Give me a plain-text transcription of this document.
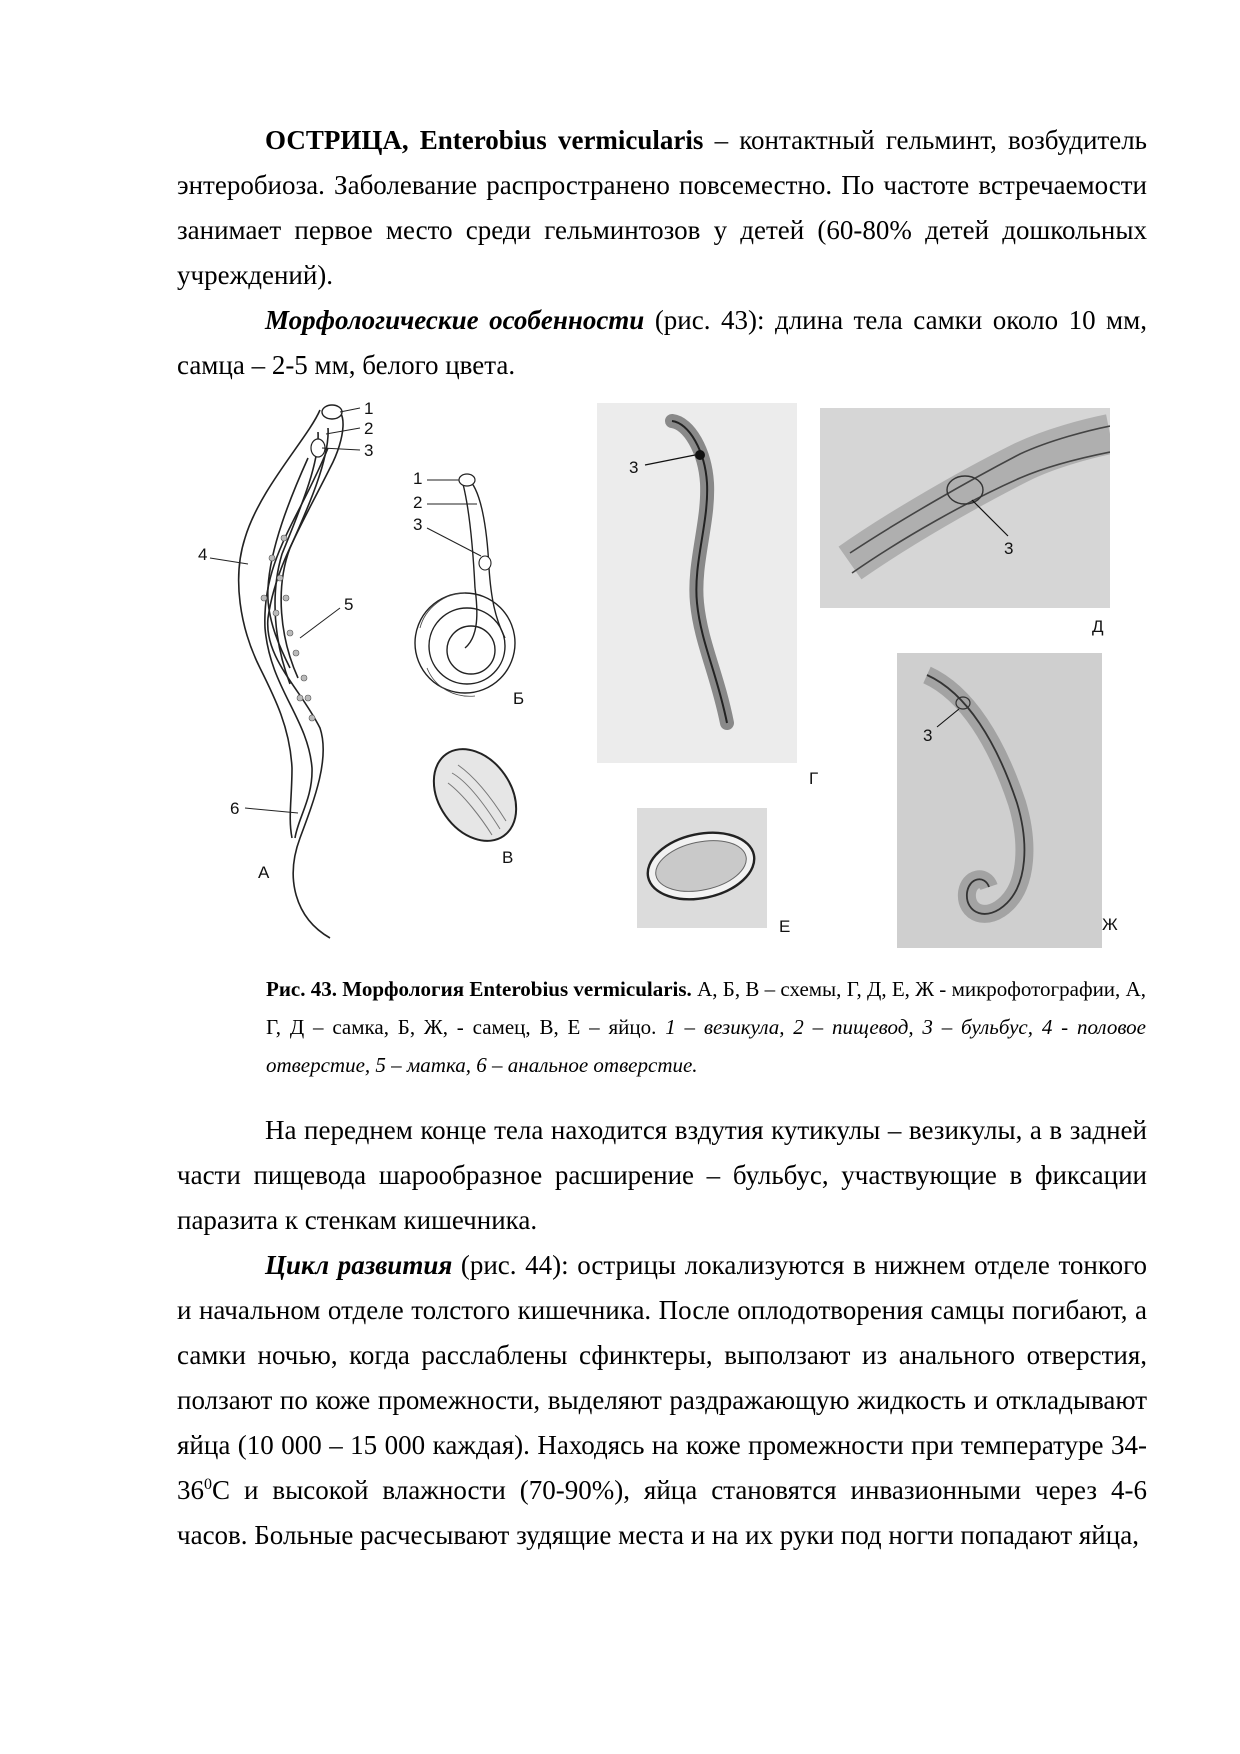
ОСТРИЦА, Enterobius vermicularis – контактный гельминт, возбудитель энтеробиоза. Заболевание распространено повсеместно. По частоте встречаемости занимает первое место среди гельминтозов у детей (60-80% детей дошкольных учреждений).

Морфологические особенности (рис. 43): длина тела самки около 10 мм, самца – 2-5 мм, белого цвета.

1
2
3
4
5
6
А
1
2
3
Б
В
3
Г
3
Д
Е
3
Ж

Рис. 43. Морфология Enterobius vermicularis. А, Б, В – схемы, Г, Д, Е, Ж - микрофотографии, А, Г, Д – самка, Б, Ж, - самец, В, Е – яйцо. 1 – везикула, 2 – пищевод, 3 – бульбус, 4 - половое отверстие, 5 – матка, 6 – анальное отверстие.

На переднем конце тела находится вздутия кутикулы – везикулы, а в задней части пищевода шарообразное расширение – бульбус, участвующие в фиксации паразита к стенкам кишечника.

Цикл развития (рис. 44): острицы локализуются в нижнем отделе тонкого и начальном отделе толстого кишечника. После оплодотворения самцы погибают, а самки ночью, когда расслаблены сфинктеры, выползают из анального отверстия, ползают по коже промежности, выделяют раздражающую жидкость и откладывают яйца (10 000 – 15 000 каждая). Находясь на коже промежности при температуре $34-36^0С$ и высокой влажности (70-90%), яйца становятся инвазионными через 4-6 часов. Больные расчесывают зудящие места и на их руки под ногти попадают яйца,
